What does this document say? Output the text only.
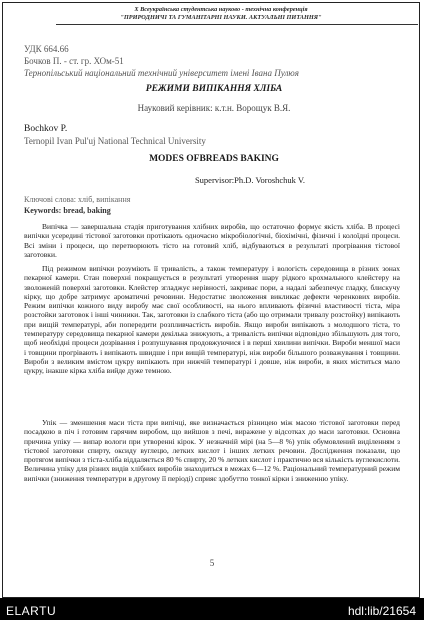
Х Всеукраїнська студентська науково - технічна конференція
"ПРИРОДНИЧІ ТА ГУМАНІТАРНІ НАУКИ. АКТУАЛЬНІ ПИТАННЯ"
УДК 664.66
Бочков П. - ст. гр. ХОм-51
Тернопільський національний технічний університет імені Івана Пулюя
РЕЖИМИ ВИПІКАННЯ ХЛІБА
Науковий керівник: к.т.н. Ворощук В.Я.
Bochkov P.
Ternopil Ivan Pul'uj National Technical University
MODES OFBREADS BAKING
Supervisor:Ph.D. Voroshchuk V.
Ключові слова: хліб, випікання
Keywords: bread, baking
Випічка — завершальна стадія приготування хлібних виробів, що остаточно формує якість хліба. В процесі випічки усередині тістової заготовки протікають одночасно мікробіологічні, біохімічні, фізичні і колоїдні процеси. Всі зміни і процеси, що перетворюють тісто на готовий хліб, відбуваються в результаті прогрівання тістової заготовки.
Під режимом випічки розуміють її тривалість, а також температуру і вологість середовища в різних зонах пекарної камери. Стан поверхні покращується в результаті утворення шару рідкого крохмального клейстеру на зволоженій поверхні заготовки. Клейстер згладжує нерівності, закриває пори, а надалі забезпечує гладку, блискучу кірку, що добре затримує ароматичні речовини. Недостатнє зволоження викликає дефекти черенкових виробів. Режим випічки кожного виду виробу має свої особливості, на нього впливають фізичні властивості тіста, міра розстойки заготовок і інші чинники. Так, заготовки із слабкого тіста (або що отримали тривалу розстойку) випікають при вищій температурі, аби попередити розпливчастість виробів. Якщо вироби випікають з молодшого тіста, то температуру середовища пекарної камери декілька знижують, а тривалість випічки відповідно збільшують для того, щоб необхідні процеси дозрівання і розпушування продовжуючися і в перші хвилини випічки. Вироби меншої маси і товщини прогрівають і випікають швидше і при вищій температурі, ніж вироби більшого розважування і товщини. Вироби з великим вмістом цукру випікають при нижчій температурі і довше, ніж вироби, в яких міститься мало цукру, інакше кірка хліба вийде дуже темною.
Упік — зменшення маси тіста при випічці, яке визначається різницею між масою тістової заготовки перед посадкою в піч і готовим гарячим виробом, що вийшов з печі, виражене у відсотках до маси заготовки. Основна причина упіку — випар вологи при утворенні кірок. У незначній мірі (на 5—8 %) упік обумовлений виділенням з тістової заготовки спирту, оксиду вуглецю, летких кислот і інших летких речовин. Дослідження показали, що протягом випічки з тіста-хліба віддаляється 80 % спирту, 20 % летких кислот і практично вся кількість вуглекислоти. Величина упіку для різних видів хлібних виробів знаходиться в межах 6—12 %. Раціональний температурний режим випічки (зниження температури в другому її періоді) сприяє здобуттю тонкої кірки і зниженню упіку.
5
ELARTU	hdl:lib/21654
